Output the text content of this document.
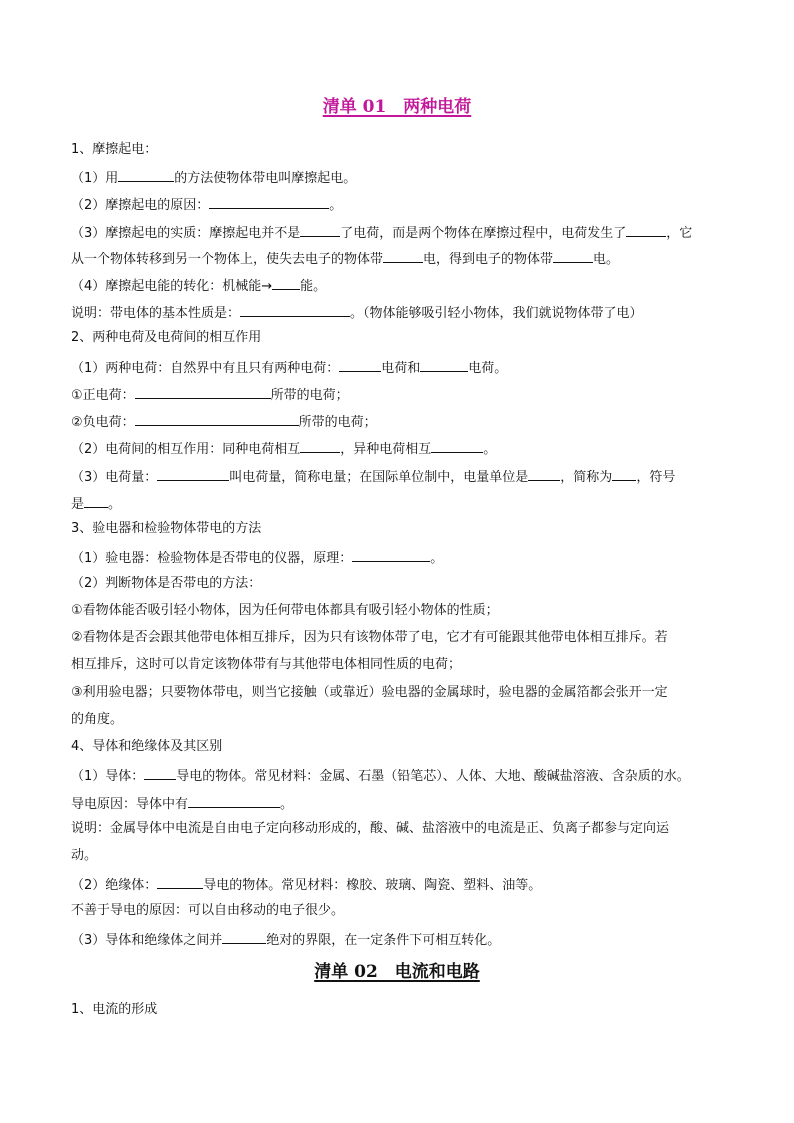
清单 01　两种电荷
1、摩擦起电：
（1）用	的方法使物体带电叫摩擦起电。
（2）摩擦起电的原因：	。
（3）摩擦起电的实质：摩擦起电并不是	了电荷，而是两个物体在摩擦过程中，电荷发生了	，它
从一个物体转移到另一个物体上，使失去电子的物体带	电，得到电子的物体带	电。
（4）摩擦起电能的转化：机械能→ 能。
说明：带电体的基本性质是：	。（物体能够吸引轻小物体，我们就说物体带了电）
2、两种电荷及电荷间的相互作用
（1）两种电荷：自然界中有且只有两种电荷：	电荷和	电荷。
①正电荷：	所带的电荷；
②负电荷：	所带的电荷；
（2）电荷间的相互作用：同种电荷相互	，异种电荷相互	。
（3）电荷量：	叫电荷量，简称电量；在国际单位制中，电量单位是 ，简称为 ，符号
是 。
3、验电器和检验物体带电的方法
（1）验电器：检验物体是否带电的仪器，原理：	。
（2）判断物体是否带电的方法：
①看物体能否吸引轻小物体，因为任何带电体都具有吸引轻小物体的性质；
②看物体是否会跟其他带电体相互排斥，因为只有该物体带了电，它才有可能跟其他带电体相互排斥。若
相互排斥，这时可以肯定该物体带有与其他带电体相同性质的电荷；
③利用验电器；只要物体带电，则当它接触（或靠近）验电器的金属球时，验电器的金属箔都会张开一定
的角度。
4、导体和绝缘体及其区别
（1）导体： 导电的物体。常见材料：金属、石墨（铅笔芯）、人体、大地、酸碱盐溶液、含杂质的水。
导电原因：导体中有	。
说明：金属导体中电流是自由电子定向移动形成的，酸、碱、盐溶液中的电流是正、负离子都参与定向运
动。
（2）绝缘体：	导电的物体。常见材料：橡胶、玻璃、陶瓷、塑料、油等。
不善于导电的原因：可以自由移动的电子很少。
（3）导体和绝缘体之间并	绝对的界限，在一定条件下可相互转化。
清单 02　电流和电路
1、电流的形成
